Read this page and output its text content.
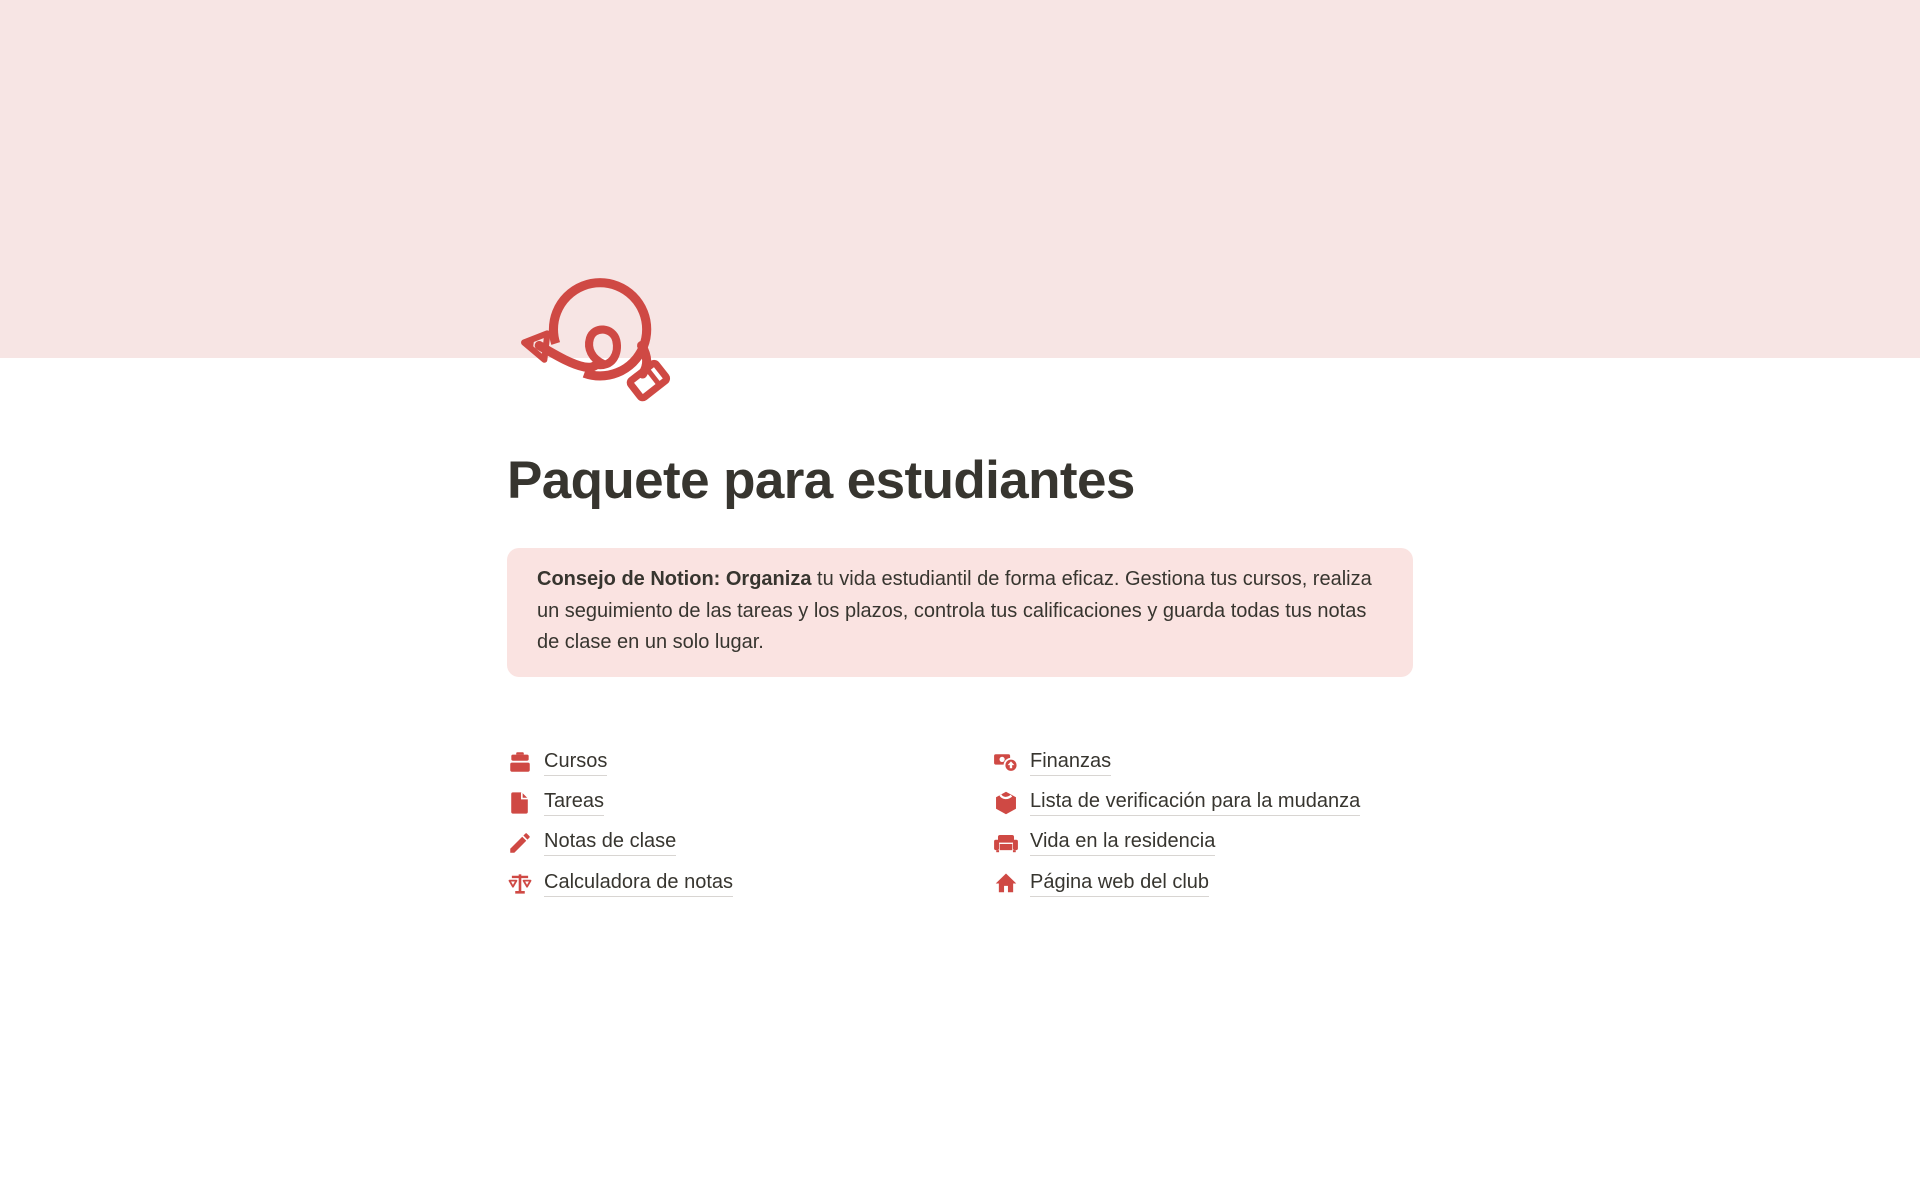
Paquete para estudiantes

Consejo de Notion: Organiza tu vida estudiantil de forma eficaz. Gestiona tus cursos, realiza un seguimiento de las tareas y los plazos, controla tus calificaciones y guarda todas tus notas de clase en un solo lugar.

Cursos
Tareas
Notas de clase
Calculadora de notas
Finanzas
Lista de verificación para la mudanza
Vida en la residencia
Página web del club
